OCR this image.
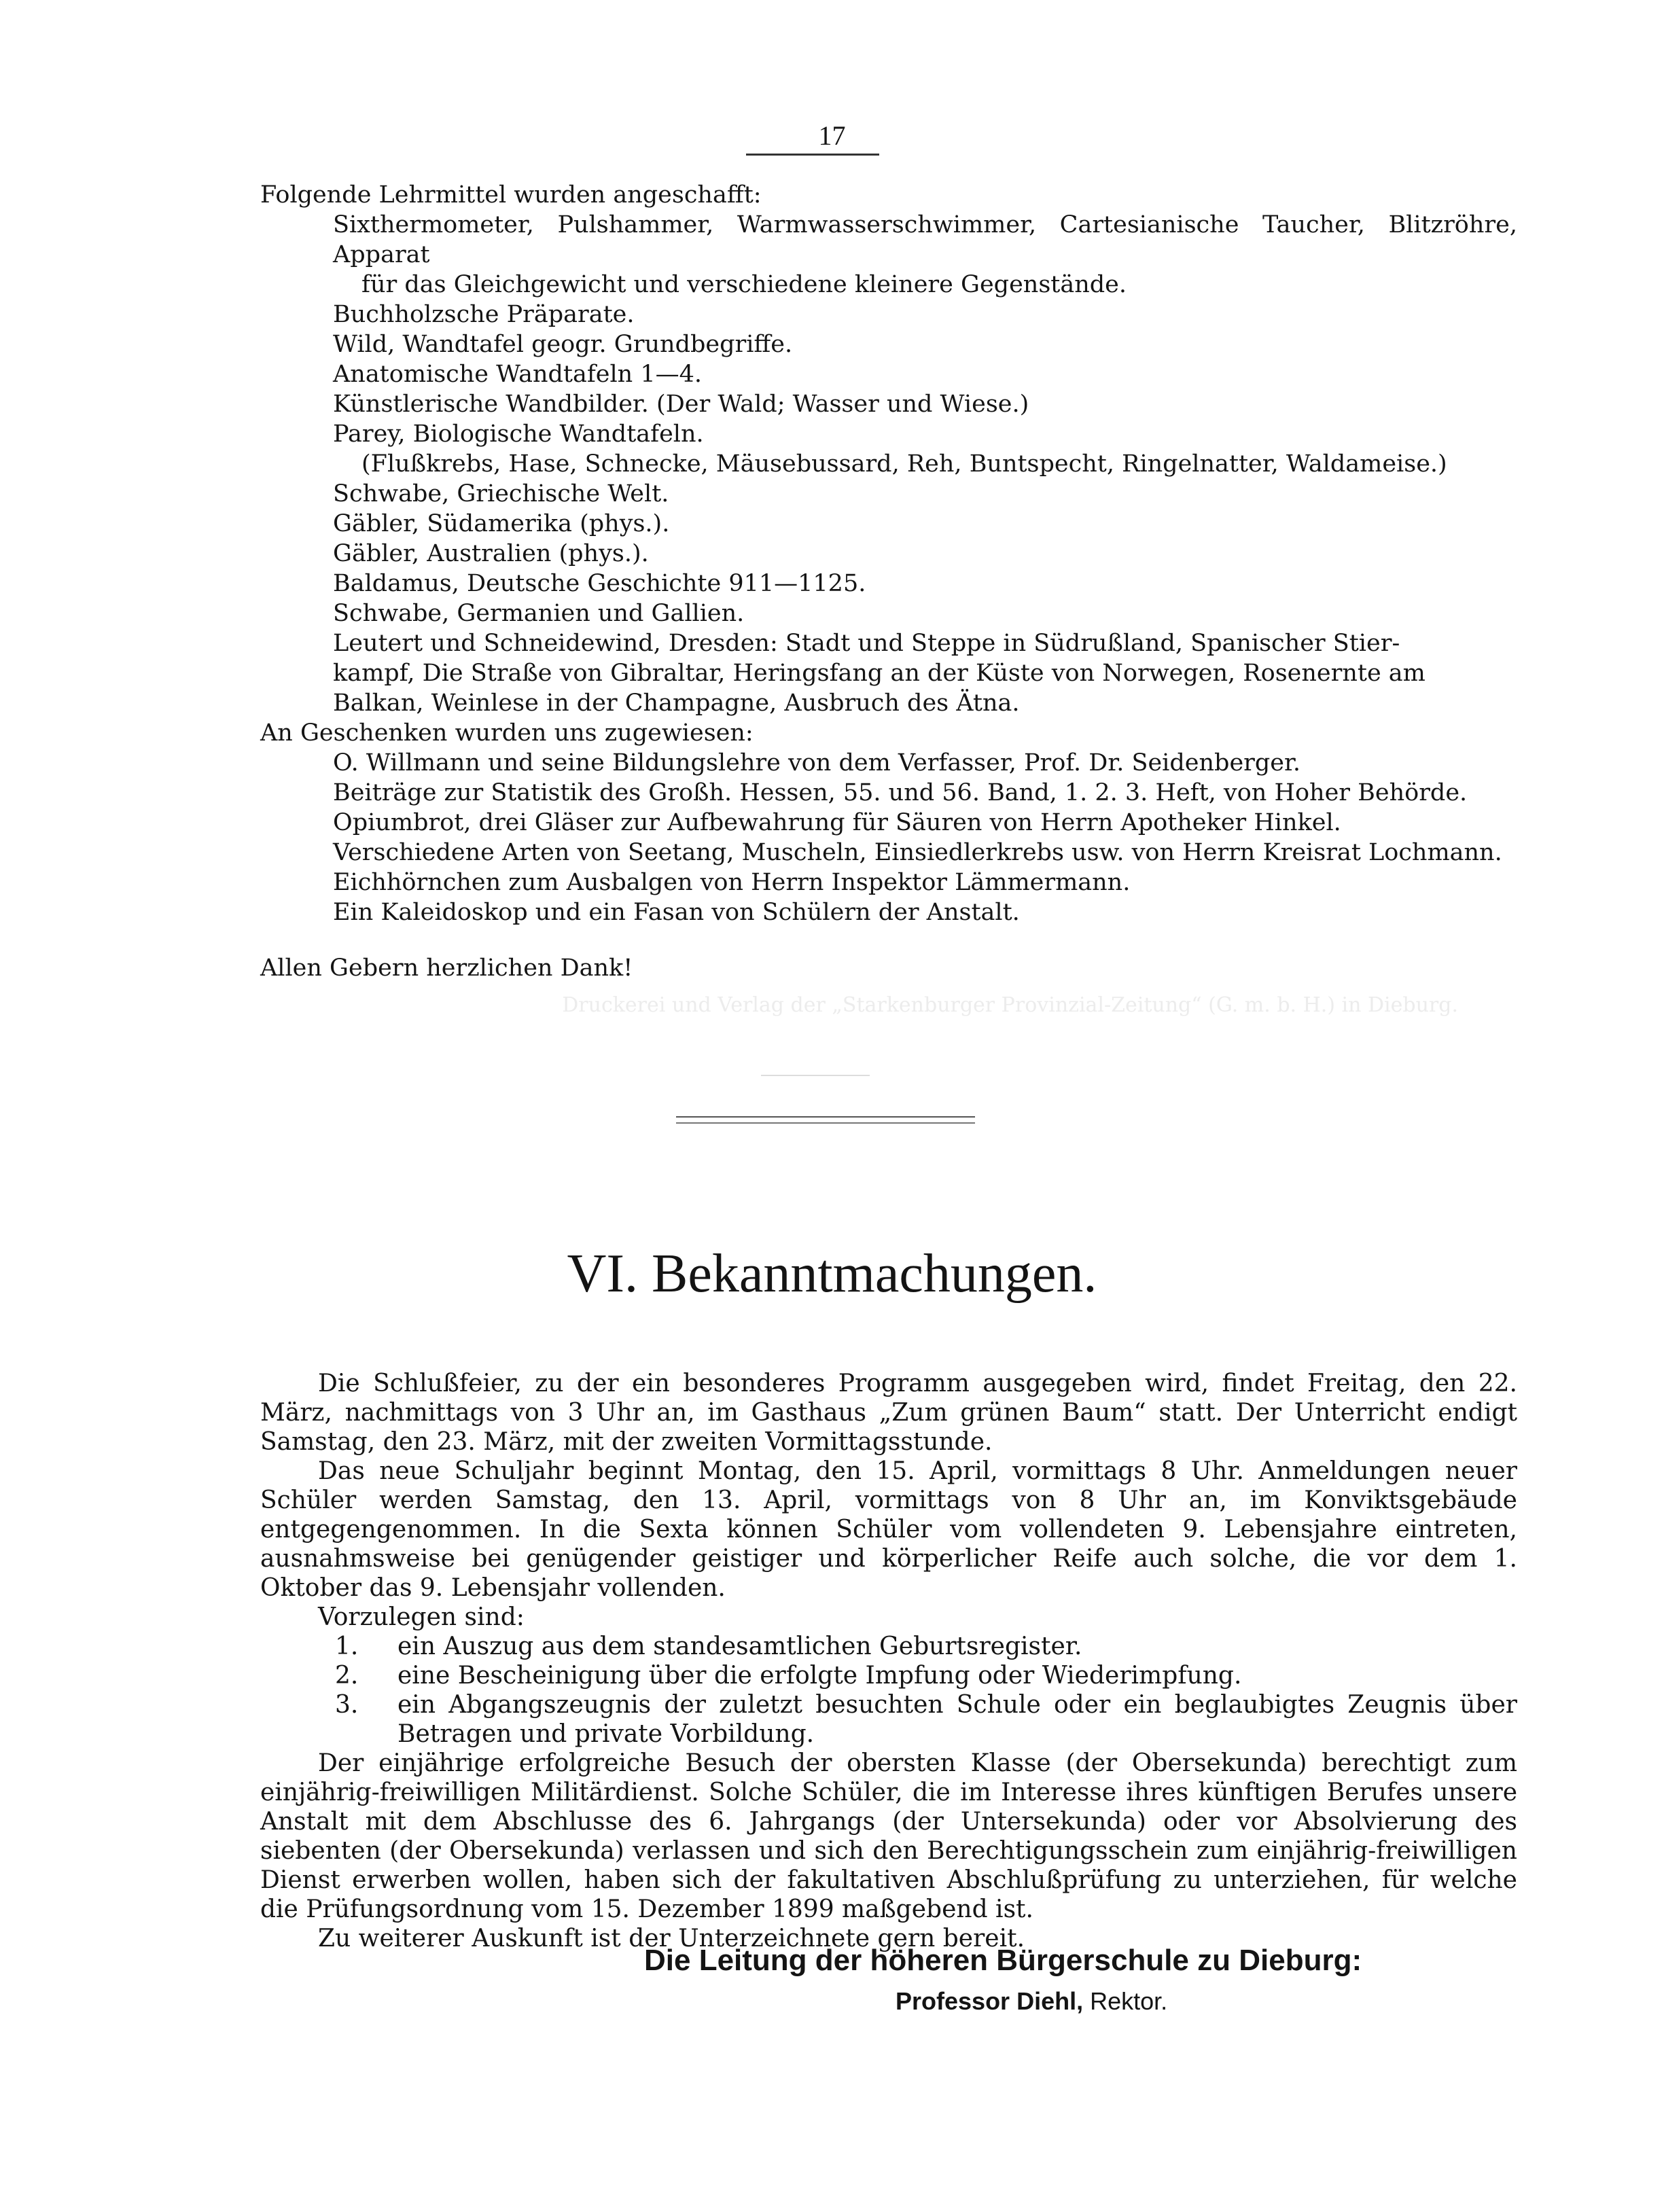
17

Folgende Lehrmittel wurden angeschafft:

Sixthermometer, Pulshammer, Warmwasserschwimmer, Cartesianische Taucher, Blitzröhre, Apparat
für das Gleichgewicht und verschiedene kleinere Gegenstände.
Buchholzsche Präparate.
Wild, Wandtafel geogr. Grundbegriffe.
Anatomische Wandtafeln 1—4.
Künstlerische Wandbilder. (Der Wald; Wasser und Wiese.)
Parey, Biologische Wandtafeln.
(Flußkrebs, Hase, Schnecke, Mäusebussard, Reh, Buntspecht, Ringelnatter, Waldameise.)
Schwabe, Griechische Welt.
Gäbler, Südamerika (phys.).
Gäbler, Australien (phys.).
Baldamus, Deutsche Geschichte 911—1125.
Schwabe, Germanien und Gallien.
Leutert und Schneidewind, Dresden: Stadt und Steppe in Südrußland, Spanischer Stier-
kampf, Die Straße von Gibraltar, Heringsfang an der Küste von Norwegen, Rosenernte am
Balkan, Weinlese in der Champagne, Ausbruch des Ätna.

An Geschenken wurden uns zugewiesen:

O. Willmann und seine Bildungslehre von dem Verfasser, Prof. Dr. Seidenberger.
Beiträge zur Statistik des Großh. Hessen, 55. und 56. Band, 1. 2. 3. Heft, von Hoher Behörde.
Opiumbrot, drei Gläser zur Aufbewahrung für Säuren von Herrn Apotheker Hinkel.
Verschiedene Arten von Seetang, Muscheln, Einsiedlerkrebs usw. von Herrn Kreisrat Lochmann.
Eichhörnchen zum Ausbalgen von Herrn Inspektor Lämmermann.
Ein Kaleidoskop und ein Fasan von Schülern der Anstalt.

Allen Gebern herzlichen Dank!

Druckerei und Verlag der „Starkenburger Provinzial-Zeitung“ (G. m. b. H.) in Dieburg.
VI. Bekanntmachungen.

Die Schlußfeier, zu der ein besonderes Programm ausgegeben wird, findet Freitag, den 22. März, nachmittags von 3 Uhr an, im Gasthaus „Zum grünen Baum“ statt. Der Unterricht endigt Samstag, den 23. März, mit der zweiten Vormittagsstunde.

Das neue Schuljahr beginnt Montag, den 15. April, vormittags 8 Uhr. Anmeldungen neuer Schüler werden Samstag, den 13. April, vormittags von 8 Uhr an, im Konviktsgebäude entgegengenommen. In die Sexta können Schüler vom vollendeten 9. Lebensjahre eintreten, ausnahmsweise bei genügender geistiger und körperlicher Reife auch solche, die vor dem 1. Oktober das 9. Lebensjahr vollenden.

Vorzulegen sind:

1.	ein Auszug aus dem standesamtlichen Geburtsregister.
2.	eine Bescheinigung über die erfolgte Impfung oder Wiederimpfung.
3.	ein Abgangszeugnis der zuletzt besuchten Schule oder ein beglaubigtes Zeugnis über Betragen und private Vorbildung.

Der einjährige erfolgreiche Besuch der obersten Klasse (der Obersekunda) berechtigt zum einjährig-freiwilligen Militärdienst. Solche Schüler, die im Interesse ihres künftigen Berufes unsere Anstalt mit dem Abschlusse des 6. Jahrgangs (der Untersekunda) oder vor Absolvierung des siebenten (der Obersekunda) verlassen und sich den Berechtigungsschein zum einjährig-freiwilligen Dienst erwerben wollen, haben sich der fakultativen Abschlußprüfung zu unterziehen, für welche die Prüfungsordnung vom 15. Dezember 1899 maßgebend ist.

Zu weiterer Auskunft ist der Unterzeichnete gern bereit.

Die Leitung der höheren Bürgerschule zu Dieburg:
Professor Diehl, Rektor.
